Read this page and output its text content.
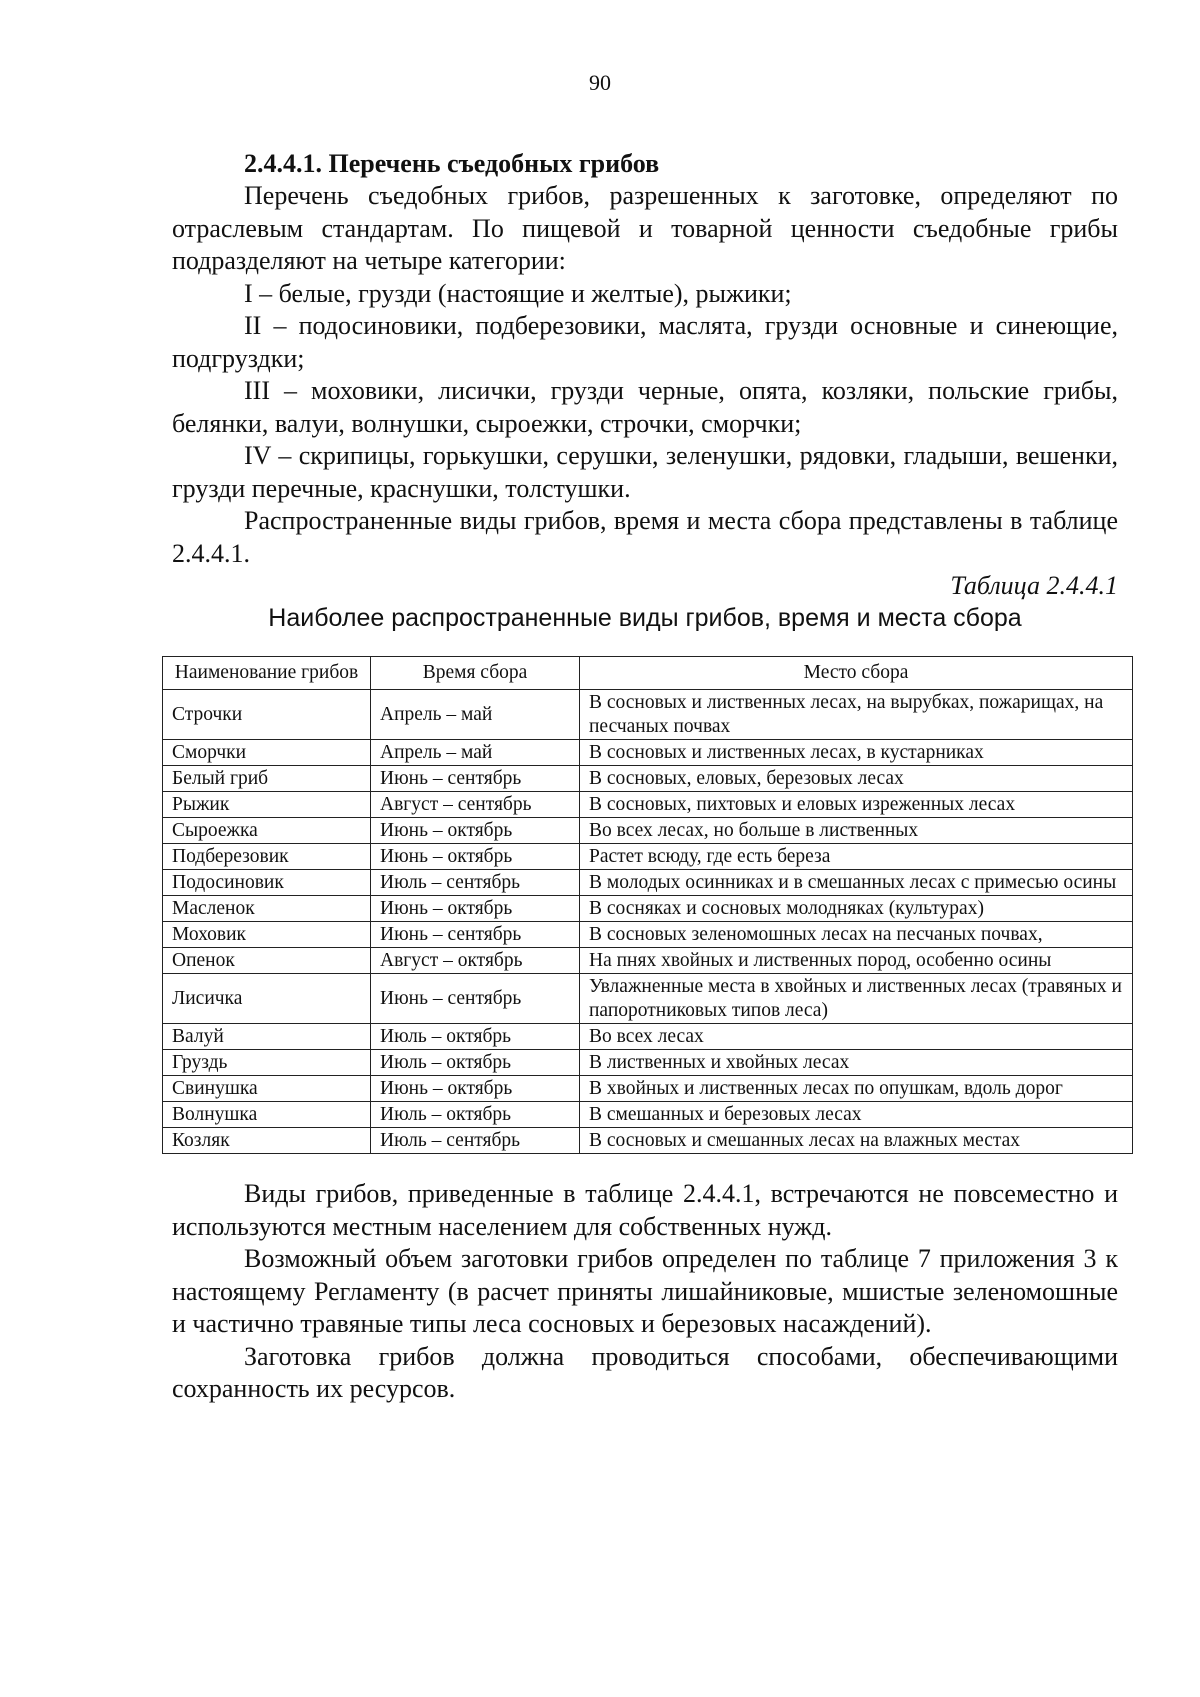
90
2.4.4.1. Перечень съедобных грибов

Перечень съедобных грибов, разрешенных к заготовке, определяют по отраслевым стандартам. По пищевой и товарной ценности съедобные грибы подразделяют на четыре категории:

I – белые, грузди (настоящие и желтые), рыжики;

II – подосиновики, подберезовики, маслята, грузди основные и синеющие, подгруздки;

III – моховики, лисички, грузди черные, опята, козляки, польские грибы, белянки, валуи, волнушки, сыроежки, строчки, сморчки;

IV – скрипицы, горькушки, серушки, зеленушки, рядовки, гладыши, вешенки, грузди перечные, краснушки, толстушки.

Распространенные виды грибов, время и места сбора представлены в таблице 2.4.4.1.

Таблица 2.4.4.1

Наиболее распространенные виды грибов, время и места сбора

Наименование грибов	Время сбора	Место сбора
Строчки	Апрель – май	В сосновых и лиственных лесах, на вырубках, пожарищах, на песчаных почвах
Сморчки	Апрель – май	В сосновых и лиственных лесах, в кустарниках
Белый гриб	Июнь – сентябрь	В сосновых, еловых, березовых лесах
Рыжик	Август – сентябрь	В сосновых, пихтовых и еловых изреженных лесах
Сыроежка	Июнь – октябрь	Во всех лесах, но больше в лиственных
Подберезовик	Июнь – октябрь	Растет всюду, где есть береза
Подосиновик	Июль – сентябрь	В молодых осинниках и в смешанных лесах с примесью осины
Масленок	Июнь – октябрь	В сосняках и сосновых молодняках (культурах)
Моховик	Июнь – сентябрь	В сосновых зеленомошных лесах на песчаных почвах,
Опенок	Август – октябрь	На пнях хвойных и лиственных пород, особенно осины
Лисичка	Июнь – сентябрь	Увлажненные места в хвойных и лиственных лесах (травяных и папоротниковых типов леса)
Валуй	Июль – октябрь	Во всех лесах
Груздь	Июль – октябрь	В лиственных и хвойных лесах
Свинушка	Июнь – октябрь	В хвойных и лиственных лесах по опушкам, вдоль дорог
Волнушка	Июль – октябрь	В смешанных и березовых лесах
Козляк	Июль – сентябрь	В сосновых и смешанных лесах на влажных местах

Виды грибов, приведенные в таблице 2.4.4.1, встречаются не повсеместно и используются местным населением для собственных нужд.

Возможный объем заготовки грибов определен по таблице 7 приложения 3 к настоящему Регламенту (в расчет приняты лишайниковые, мшистые зеленомошные и частично травяные типы леса сосновых и березовых насаждений).

Заготовка грибов должна проводиться способами, обеспечивающими сохранность их ресурсов.
